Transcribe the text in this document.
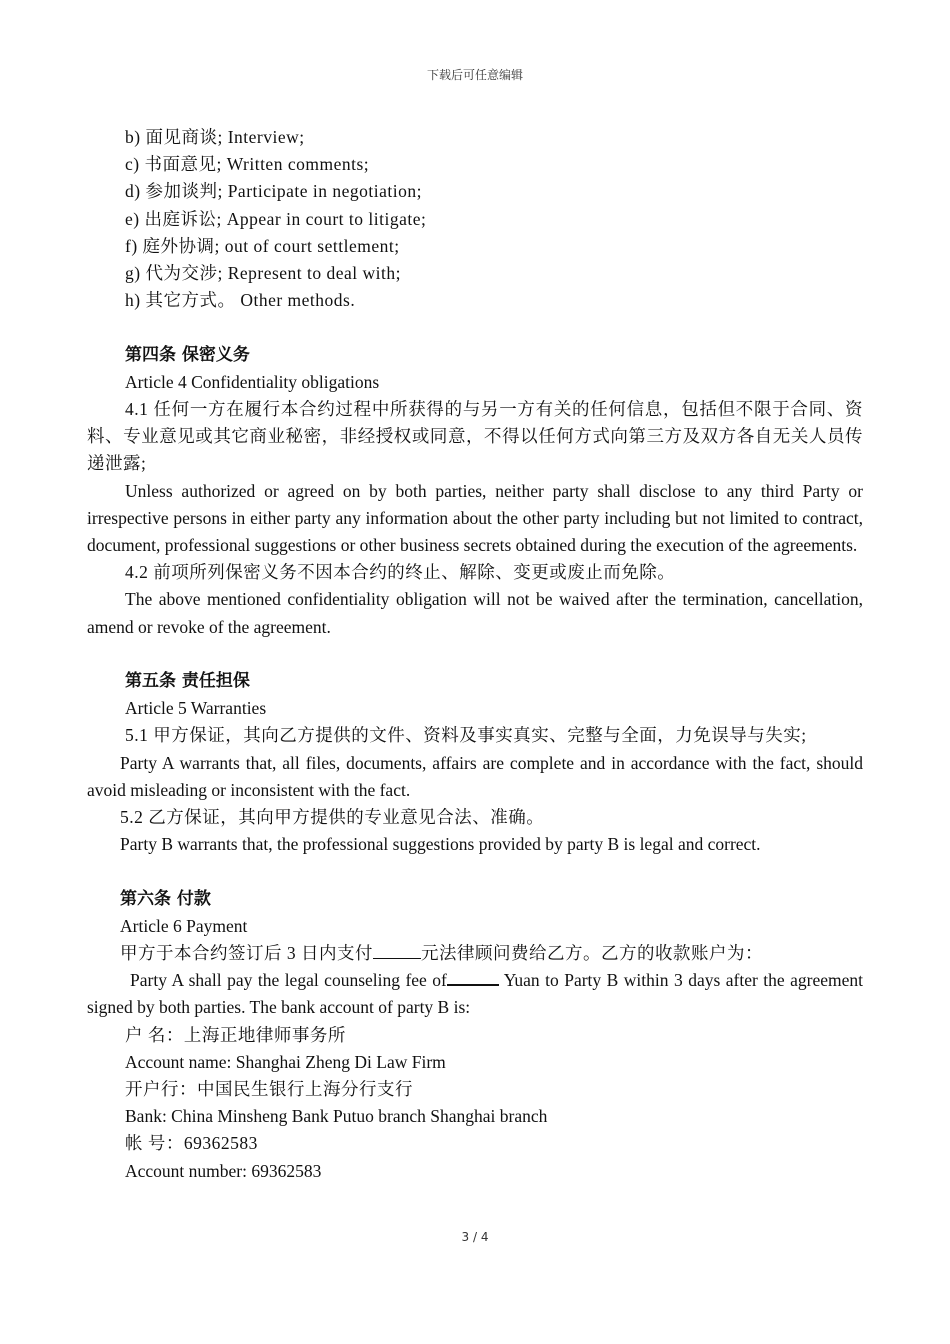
下载后可任意编辑

b) 面见商谈; Interview;

c) 书面意见; Written comments;

d) 参加谈判; Participate in negotiation;

e) 出庭诉讼; Appear in court to litigate;

f) 庭外协调; out of court settlement;

g) 代为交涉; Represent to deal with;

h) 其它方式。 Other methods.

第四条 保密义务

Article 4 Confidentiality obligations

4.1 任何一方在履行本合约过程中所获得的与另一方有关的任何信息，包括但不限于合同、资料、专业意见或其它商业秘密，非经授权或同意，不得以任何方式向第三方及双方各自无关人员传递泄露;

Unless authorized or agreed on by both parties, neither party shall disclose to any third Party or irrespective persons in either party any information about the other party including but not limited to contract, document, professional suggestions or other business secrets obtained during the execution of the agreements.

4.2 前项所列保密义务不因本合约的终止、解除、变更或废止而免除。

The above mentioned confidentiality obligation will not be waived after the termination, cancellation, amend or revoke of the agreement.

第五条 责任担保

Article 5 Warranties

5.1 甲方保证，其向乙方提供的文件、资料及事实真实、完整与全面，力免误导与失实;

Party A warrants that, all files, documents, affairs are complete and in accordance with the fact, should avoid misleading or inconsistent with the fact.

5.2 乙方保证，其向甲方提供的专业意见合法、准确。

Party B warrants that, the professional suggestions provided by party B is legal and correct.

第六条 付款

Article 6 Payment

甲方于本合约签订后 3 日内支付	元法律顾问费给乙方。乙方的收款账户为：

Party A shall pay the legal counseling fee of	Yuan to Party B within 3 days after the agreement signed by both parties. The bank account of party B is:

户 名：上海正地律师事务所

Account name: Shanghai Zheng Di Law Firm

开户行：中国民生银行上海分行支行

Bank: China Minsheng Bank Putuo branch Shanghai branch

帐 号：69362583

Account number: 69362583

3 / 4
